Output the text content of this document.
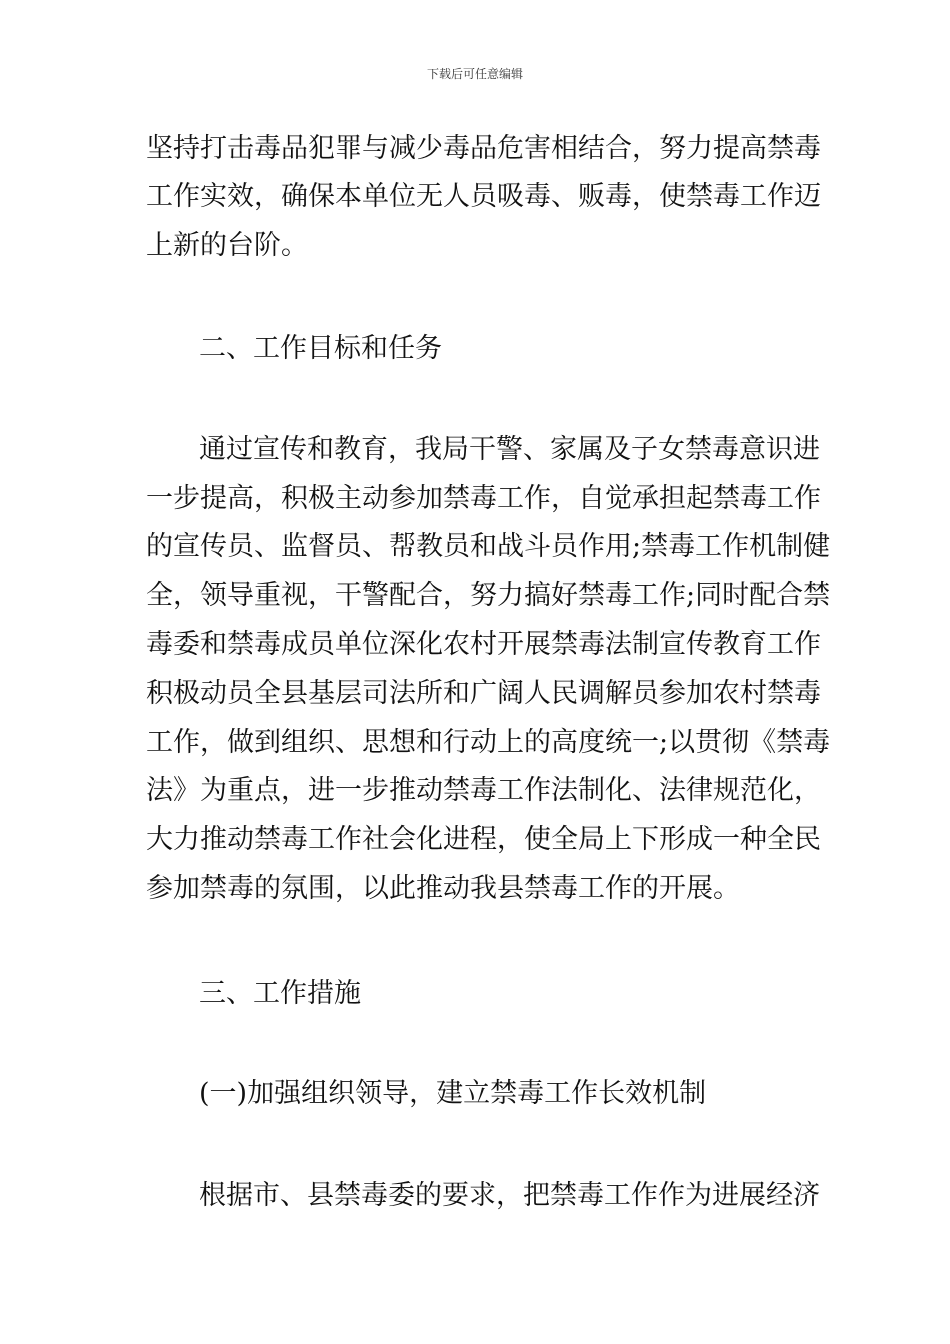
下载后可任意编辑
坚持打击毒品犯罪与减少毒品危害相结合，努力提高禁毒
工作实效，确保本单位无人员吸毒、贩毒，使禁毒工作迈
上新的台阶。
二、工作目标和任务
通过宣传和教育，我局干警、家属及子女禁毒意识进
一步提高，积极主动参加禁毒工作，自觉承担起禁毒工作
的宣传员、监督员、帮教员和战斗员作用;禁毒工作机制健
全，领导重视，干警配合，努力搞好禁毒工作;同时配合禁
毒委和禁毒成员单位深化农村开展禁毒法制宣传教育工作
积极动员全县基层司法所和广阔人民调解员参加农村禁毒
工作，做到组织、思想和行动上的高度统一;以贯彻《禁毒
法》为重点，进一步推动禁毒工作法制化、法律规范化，
大力推动禁毒工作社会化进程，使全局上下形成一种全民
参加禁毒的氛围，以此推动我县禁毒工作的开展。
三、工作措施
(一)加强组织领导，建立禁毒工作长效机制
根据市、县禁毒委的要求，把禁毒工作作为进展经济
